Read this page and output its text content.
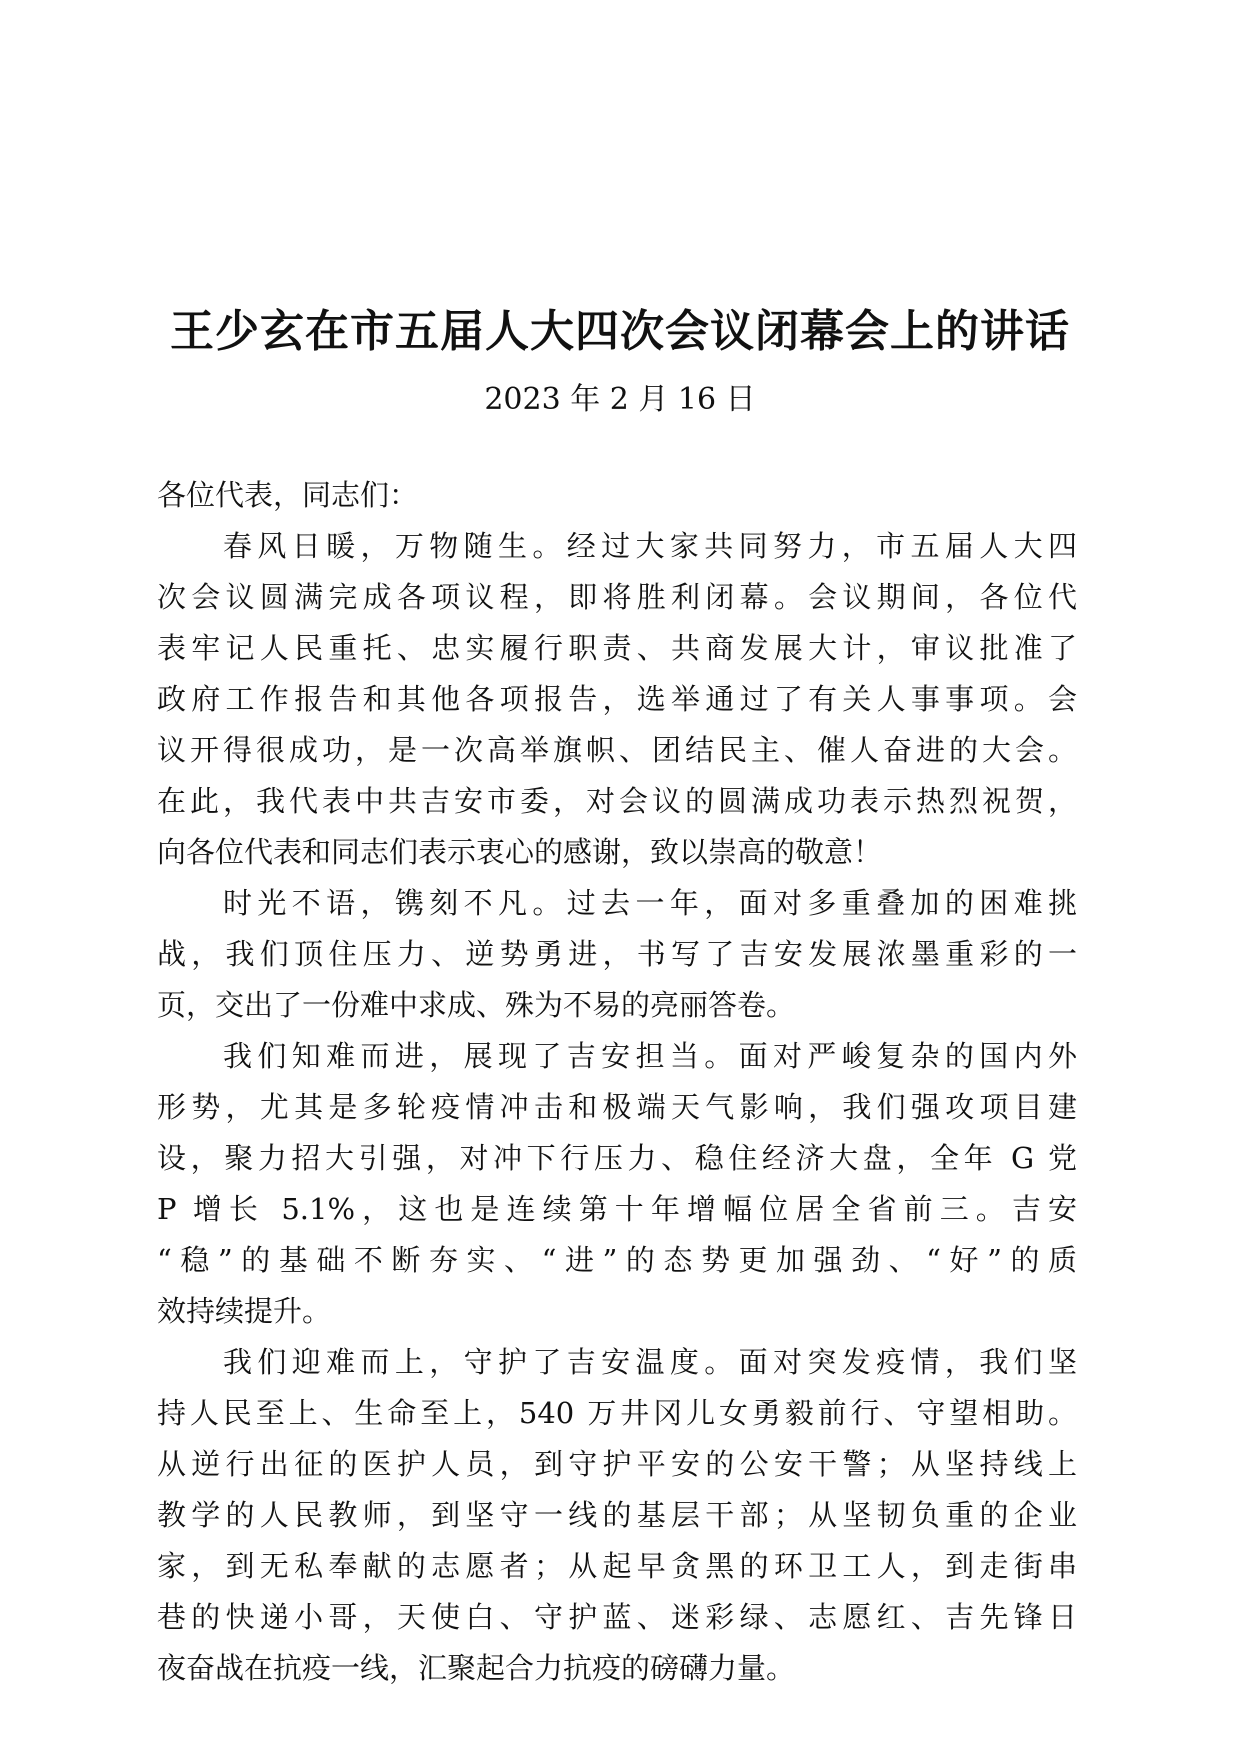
王少玄在市五届人大四次会议闭幕会上的讲话
2023 年 2 月 16 日
各位代表，同志们：
春风日暖，万物随生。经过大家共同努力，市五届人大四
次会议圆满完成各项议程，即将胜利闭幕。会议期间，各位代
表牢记人民重托、忠实履行职责、共商发展大计，审议批准了
政府工作报告和其他各项报告，选举通过了有关人事事项。会
议开得很成功，是一次高举旗帜、团结民主、催人奋进的大会。
在此，我代表中共吉安市委，对会议的圆满成功表示热烈祝贺，
向各位代表和同志们表示衷心的感谢，致以崇高的敬意！
时光不语，镌刻不凡。过去一年，面对多重叠加的困难挑
战，我们顶住压力、逆势勇进，书写了吉安发展浓墨重彩的一
页，交出了一份难中求成、殊为不易的亮丽答卷。
我们知难而进，展现了吉安担当。面对严峻复杂的国内外
形势，尤其是多轮疫情冲击和极端天气影响，我们强攻项目建
设，聚力招大引强，对冲下行压力、稳住经济大盘，全年 G 党
P 增长 5.1%，这也是连续第十年增幅位居全省前三。吉安
“稳”的基础不断夯实、“进”的态势更加强劲、“好”的质
效持续提升。
我们迎难而上，守护了吉安温度。面对突发疫情，我们坚
持人民至上、生命至上，540 万井冈儿女勇毅前行、守望相助。
从逆行出征的医护人员，到守护平安的公安干警；从坚持线上
教学的人民教师，到坚守一线的基层干部；从坚韧负重的企业
家，到无私奉献的志愿者；从起早贪黑的环卫工人，到走街串
巷的快递小哥，天使白、守护蓝、迷彩绿、志愿红、吉先锋日
夜奋战在抗疫一线，汇聚起合力抗疫的磅礴力量。
